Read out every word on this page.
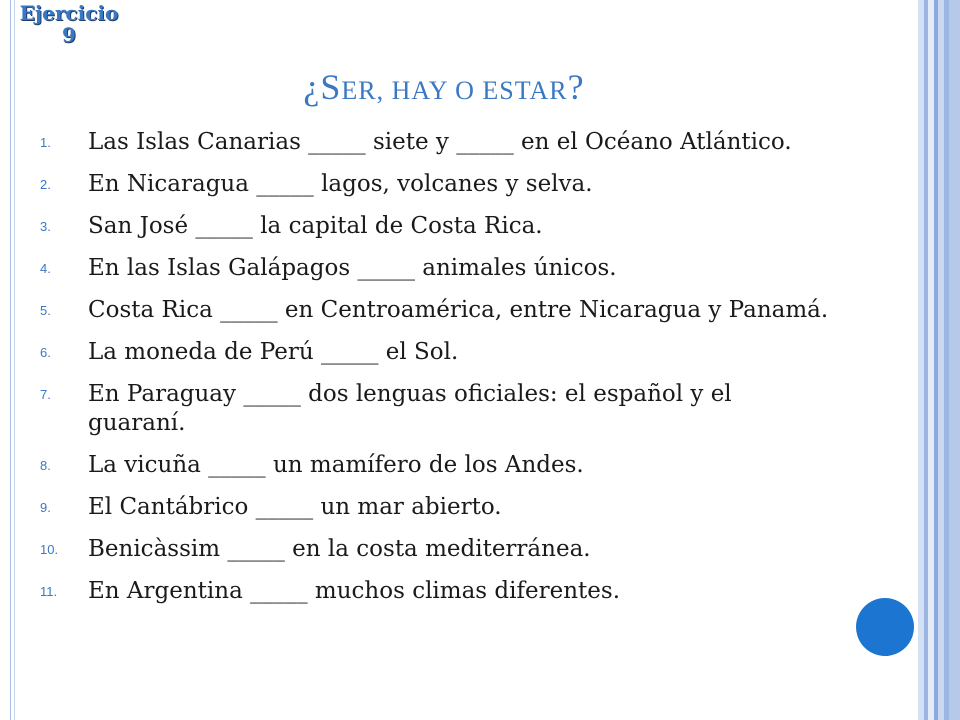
Ejercicio
9
¿SER, HAY O ESTAR?
1.	Las Islas Canarias _____ siete y _____ en el Océano Atlántico.
2.	En Nicaragua _____ lagos, volcanes y selva.
3.	San José _____ la capital de Costa Rica.
4.	En las Islas Galápagos _____ animales únicos.
5.	Costa Rica _____ en Centroamérica, entre Nicaragua y Panamá.
6.	La moneda de Perú _____ el Sol.
7.	En Paraguay _____ dos lenguas oficiales: el español y el guaraní.
8.	La vicuña _____ un mamífero de los Andes.
9.	El Cantábrico _____ un mar abierto.
10.	Benicàssim _____ en la costa mediterránea.
11.	En Argentina _____ muchos climas diferentes.
